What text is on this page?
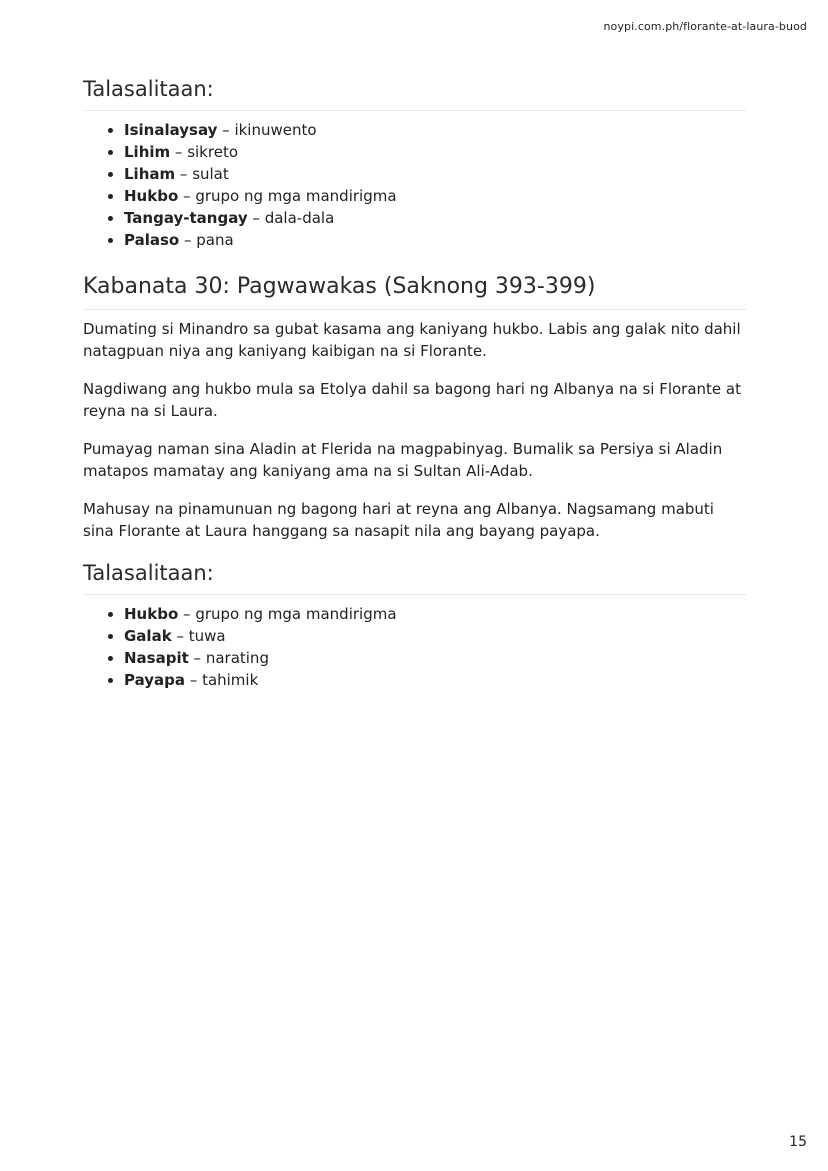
noypi.com.ph/florante-at-laura-buod
Talasalitaan:
• Isinalaysay – ikinuwento
• Lihim – sikreto
• Liham – sulat
• Hukbo – grupo ng mga mandirigma
• Tangay-tangay – dala-dala
• Palaso – pana
Kabanata 30: Pagwawakas (Saknong 393-399)

Dumating si Minandro sa gubat kasama ang kaniyang hukbo. Labis ang galak nito dahil natagpuan niya ang kaniyang kaibigan na si Florante.

Nagdiwang ang hukbo mula sa Etolya dahil sa bagong hari ng Albanya na si Florante at reyna na si Laura.

Pumayag naman sina Aladin at Flerida na magpabinyag. Bumalik sa Persiya si Aladin matapos mamatay ang kaniyang ama na si Sultan Ali-Adab.

Mahusay na pinamunuan ng bagong hari at reyna ang Albanya. Nagsamang mabuti sina Florante at Laura hanggang sa nasapit nila ang bayang payapa.

Talasalitaan:
• Hukbo – grupo ng mga mandirigma
• Galak – tuwa
• Nasapit – narating
• Payapa – tahimik
15
